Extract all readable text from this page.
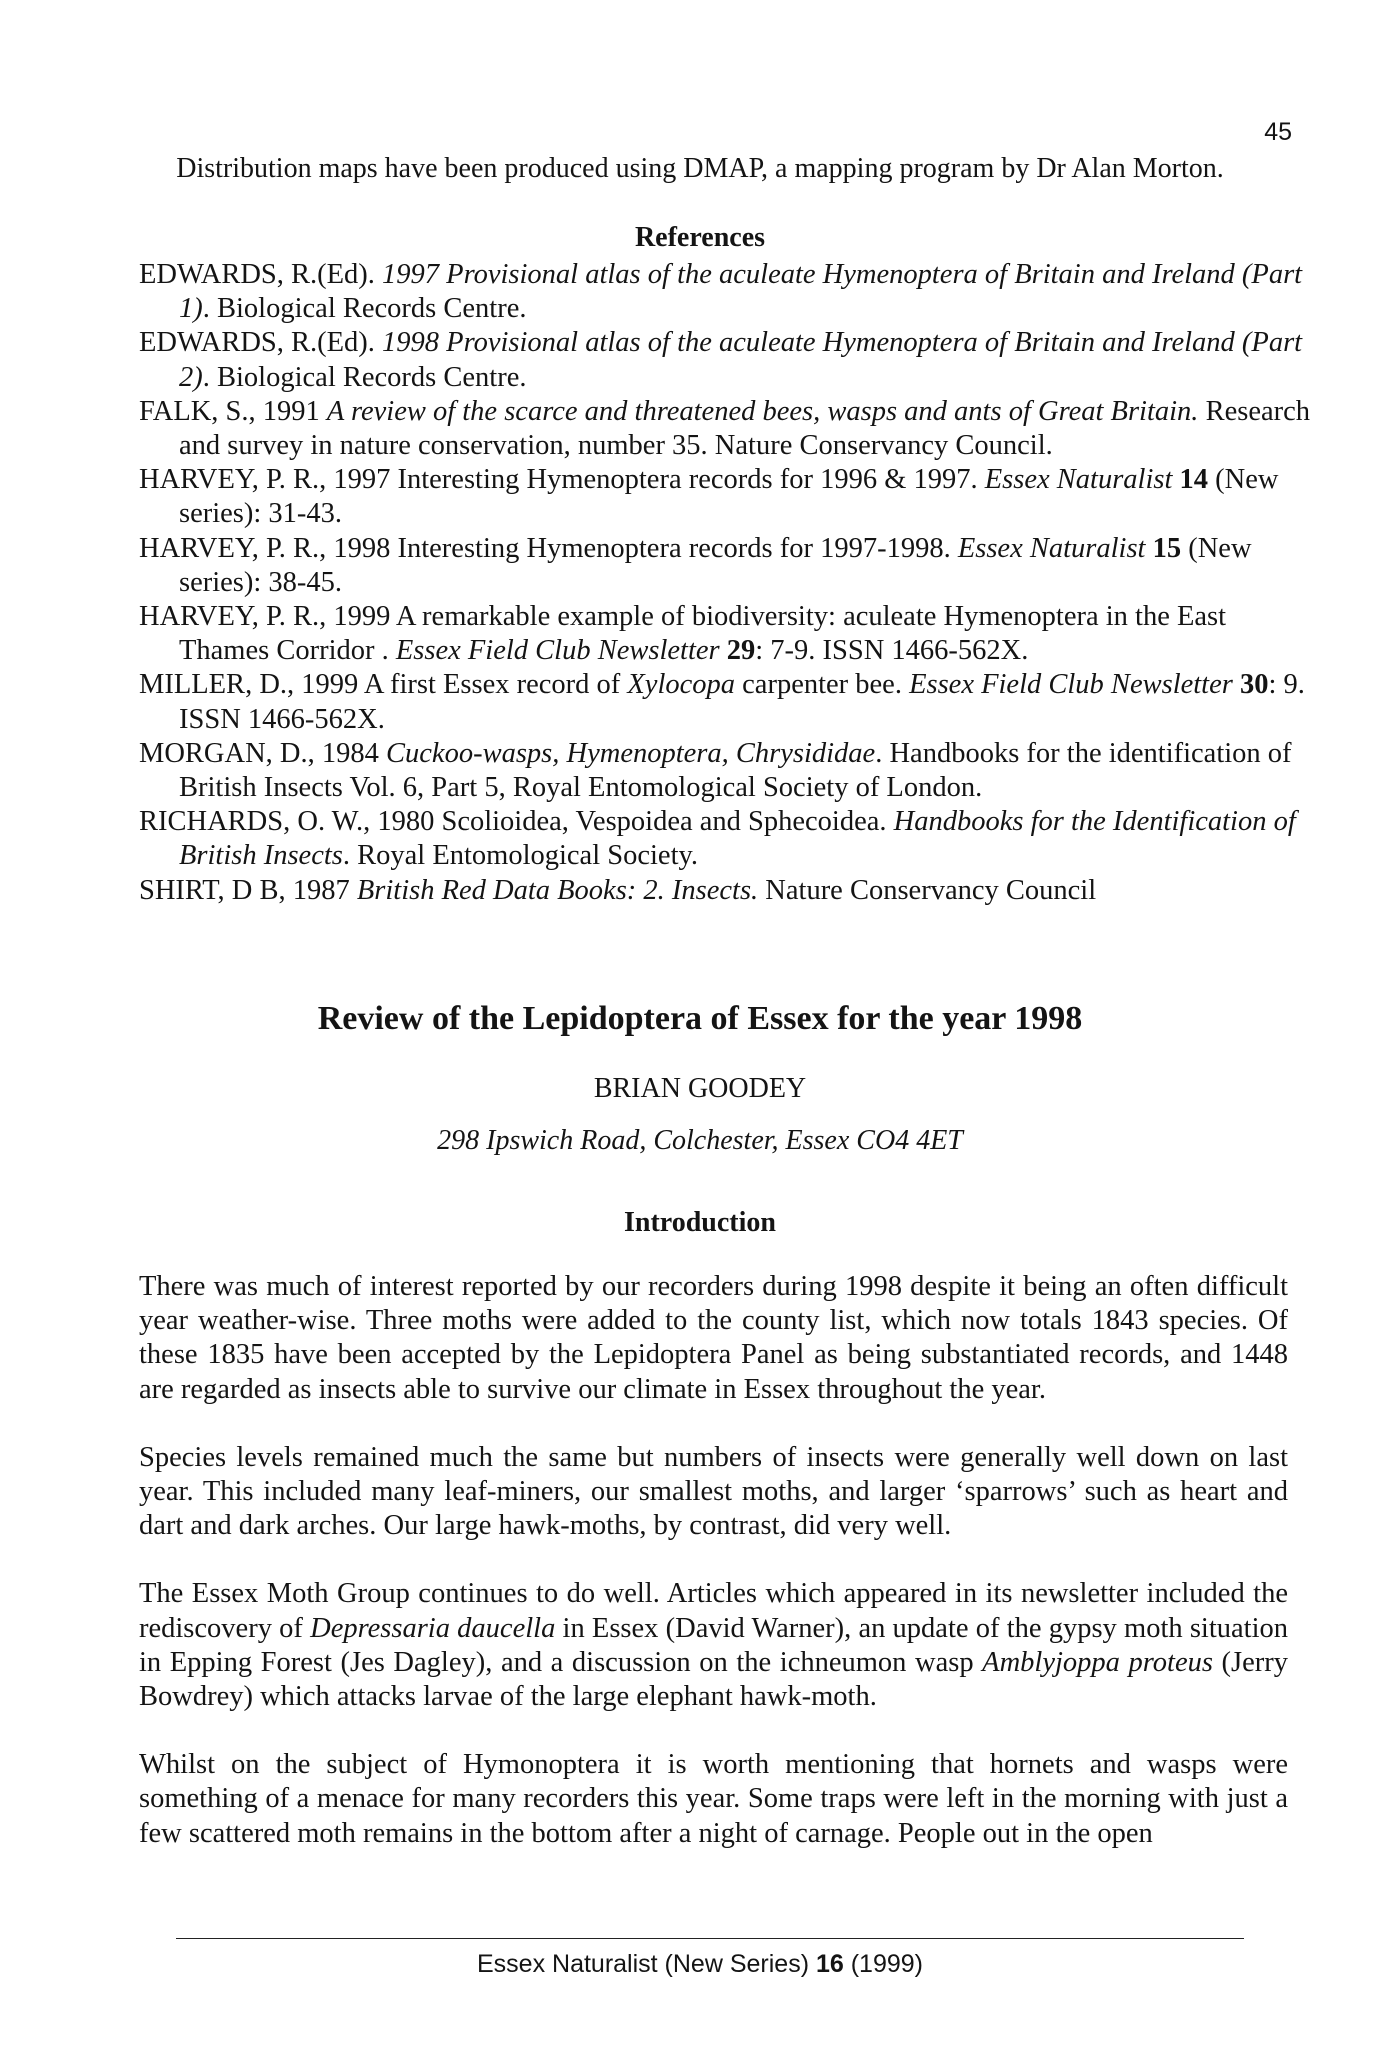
45
Distribution maps have been produced using DMAP, a mapping program by Dr Alan Morton.
References

EDWARDS, R.(Ed). 1997 Provisional atlas of the aculeate Hymenoptera of Britain and Ireland (Part 1). Biological Records Centre.

EDWARDS, R.(Ed). 1998 Provisional atlas of the aculeate Hymenoptera of Britain and Ireland (Part 2). Biological Records Centre.

FALK, S., 1991 A review of the scarce and threatened bees, wasps and ants of Great Britain. Research and survey in nature conservation, number 35. Nature Conservancy Council.

HARVEY, P. R., 1997 Interesting Hymenoptera records for 1996 & 1997. Essex Naturalist 14 (New series): 31-43.

HARVEY, P. R., 1998 Interesting Hymenoptera records for 1997-1998. Essex Naturalist 15 (New series): 38-45.

HARVEY, P. R., 1999 A remarkable example of biodiversity: aculeate Hymenoptera in the East Thames Corridor . Essex Field Club Newsletter 29: 7-9. ISSN 1466-562X.

MILLER, D., 1999 A first Essex record of Xylocopa carpenter bee. Essex Field Club Newsletter 30: 9. ISSN 1466-562X.

MORGAN, D., 1984 Cuckoo-wasps, Hymenoptera, Chrysididae. Handbooks for the identification of British Insects Vol. 6, Part 5, Royal Entomological Society of London.

RICHARDS, O. W., 1980 Scolioidea, Vespoidea and Sphecoidea. Handbooks for the Identification of British Insects. Royal Entomological Society.

SHIRT, D B, 1987 British Red Data Books: 2. Insects. Nature Conservancy Council

Review of the Lepidoptera of Essex for the year 1998
BRIAN GOODEY
298 Ipswich Road, Colchester, Essex CO4 4ET
Introduction

There was much of interest reported by our recorders during 1998 despite it being an often difficult year weather-wise. Three moths were added to the county list, which now totals 1843 species. Of these 1835 have been accepted by the Lepidoptera Panel as being substantiated records, and 1448 are regarded as insects able to survive our climate in Essex throughout the year.

Species levels remained much the same but numbers of insects were generally well down on last year. This included many leaf-miners, our smallest moths, and larger ‘sparrows’ such as heart and dart and dark arches. Our large hawk-moths, by contrast, did very well.

The Essex Moth Group continues to do well. Articles which appeared in its newsletter included the rediscovery of Depressaria daucella in Essex (David Warner), an update of the gypsy moth situation in Epping Forest (Jes Dagley), and a discussion on the ichneumon wasp Amblyjoppa proteus (Jerry Bowdrey) which attacks larvae of the large elephant hawk-moth.

Whilst on the subject of Hymonoptera it is worth mentioning that hornets and wasps were something of a menace for many recorders this year. Some traps were left in the morning with just a few scattered moth remains in the bottom after a night of carnage. People out in the open

Essex Naturalist (New Series) 16 (1999)
